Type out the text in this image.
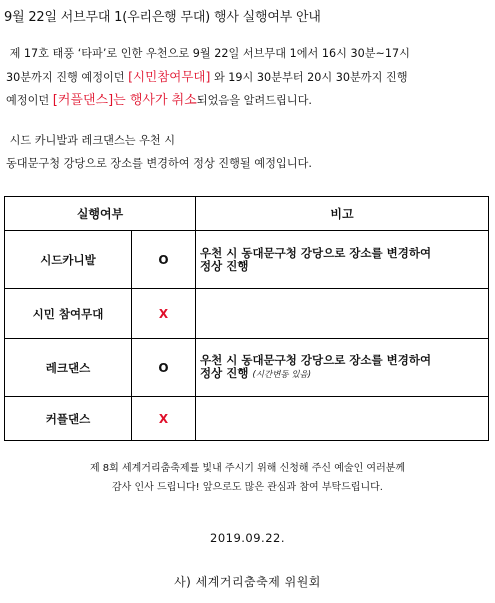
9월 22일 서브무대 1(우리은행 무대) 행사 실행여부 안내
제 17호 태풍 ‘타파’로 인한 우천으로 9월 22일 서브무대 1에서 16시 30분~17시
30분까지 진행 예정이던 [시민참여무대] 와 19시 30분부터 20시 30분까지 진행
예정이던 [커플댄스]는 행사가 취소되었음을 알려드립니다.
시드 카니발과 레크댄스는 우천 시
동대문구청 강당으로 장소를 변경하여 정상 진행될 예정입니다.
실행여부		비고
시드카니발	O	우천 시 동대문구청 강당으로 장소를 변경하여
정상 진행

시민 참여무대	X	
레크댄스	O	우천 시 동대문구청 강당으로 장소를 변경하여
정상 진행 (시간변동 있음)

커플댄스	X	
제 8회 세계거리춤축제를 빛내 주시기 위해 신청해 주신 예술인 여러분께
감사 인사 드립니다! 앞으로도 많은 관심과 참여 부탁드립니다.
2019.09.22.
사) 세계거리춤축제 위원회
